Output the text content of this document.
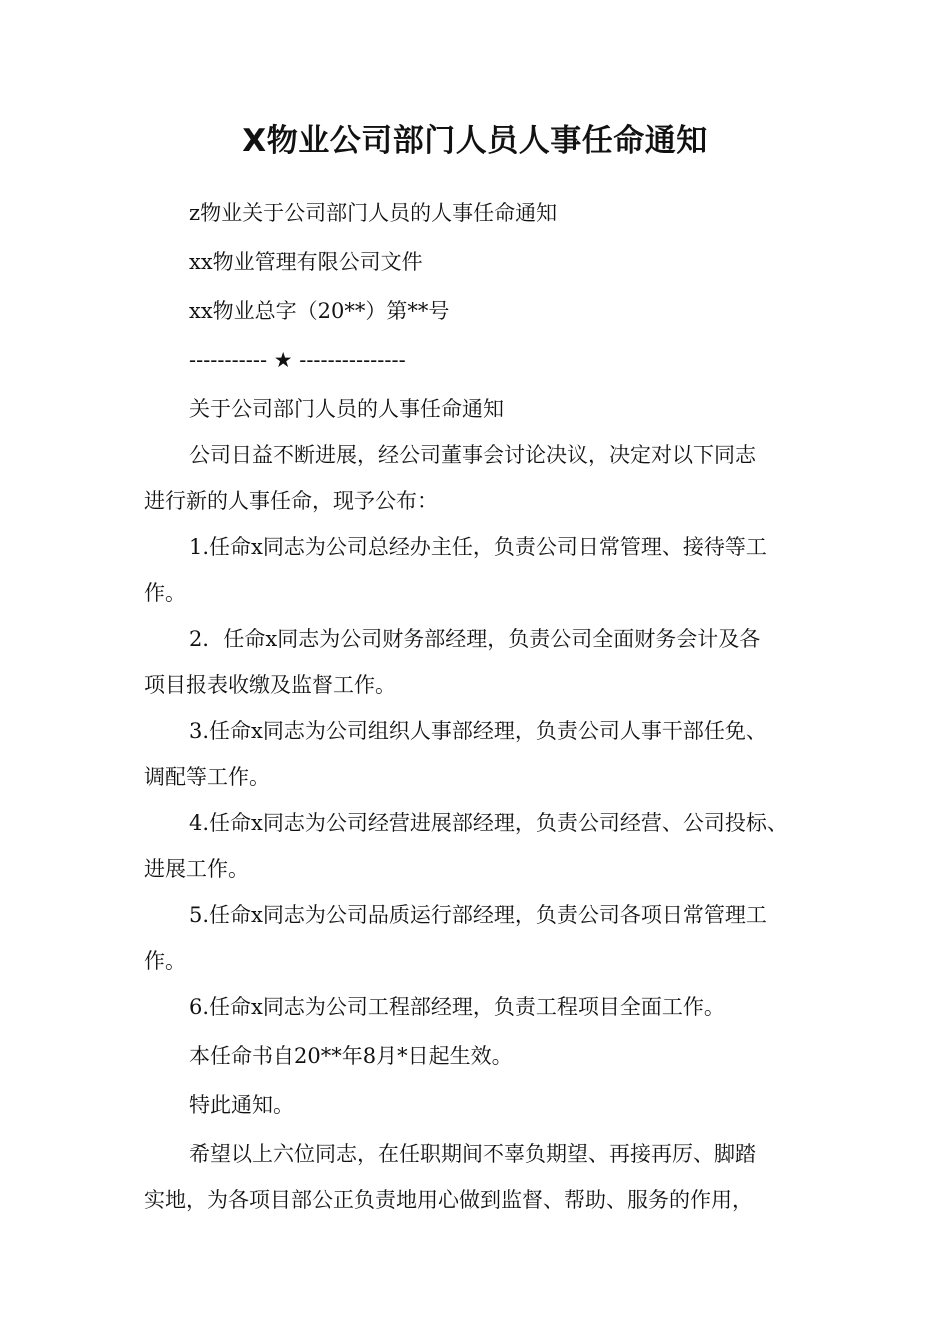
X物业公司部门人员人事任命通知

z物业关于公司部门人员的人事任命通知

xx物业管理有限公司文件

xx物业总字（20**）第**号

----------- ★ ---------------

关于公司部门人员的人事任命通知

公司日益不断进展，经公司董事会讨论决议，决定对以下同志

进行新的人事任命，现予公布：

1.任命x同志为公司总经办主任，负责公司日常管理、接待等工

作。

2．任命x同志为公司财务部经理，负责公司全面财务会计及各

项目报表收缴及监督工作。

3.任命x同志为公司组织人事部经理，负责公司人事干部任免、

调配等工作。

4.任命x同志为公司经营进展部经理，负责公司经营、公司投标、

进展工作。

5.任命x同志为公司品质运行部经理，负责公司各项日常管理工

作。

6.任命x同志为公司工程部经理，负责工程项目全面工作。

本任命书自20**年8月*日起生效。

特此通知。

希望以上六位同志，在任职期间不辜负期望、再接再厉、脚踏

实地，为各项目部公正负责地用心做到监督、帮助、服务的作用，
